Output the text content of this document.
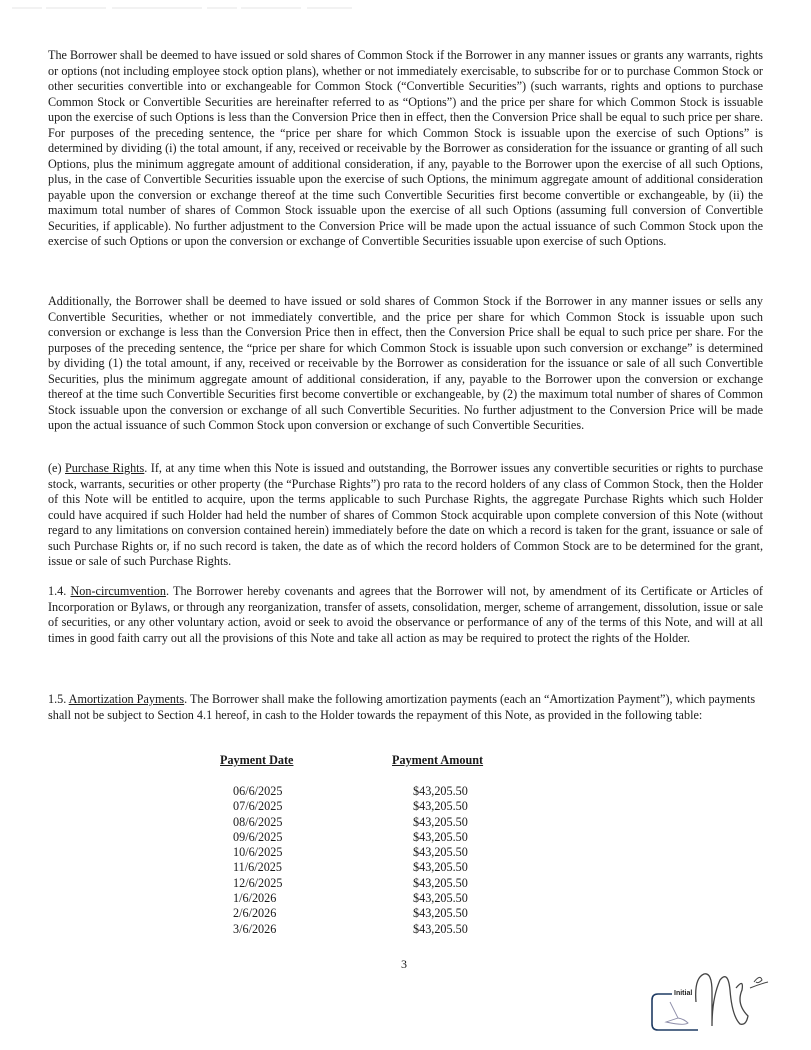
The Borrower shall be deemed to have issued or sold shares of Common Stock if the Borrower in any manner issues or grants any warrants, rights or options (not including employee stock option plans), whether or not immediately exercisable, to subscribe for or to purchase Common Stock or other securities convertible into or exchangeable for Common Stock (“Convertible Securities”) (such warrants, rights and options to purchase Common Stock or Convertible Securities are hereinafter referred to as “Options”) and the price per share for which Common Stock is issuable upon the exercise of such Options is less than the Conversion Price then in effect, then the Conversion Price shall be equal to such price per share. For purposes of the preceding sentence, the “price per share for which Common Stock is issuable upon the exercise of such Options” is determined by dividing (i) the total amount, if any, received or receivable by the Borrower as consideration for the issuance or granting of all such Options, plus the minimum aggregate amount of additional consideration, if any, payable to the Borrower upon the exercise of all such Options, plus, in the case of Convertible Securities issuable upon the exercise of such Options, the minimum aggregate amount of additional consideration payable upon the conversion or exchange thereof at the time such Convertible Securities first become convertible or exchangeable, by (ii) the maximum total number of shares of Common Stock issuable upon the exercise of all such Options (assuming full conversion of Convertible Securities, if applicable). No further adjustment to the Conversion Price will be made upon the actual issuance of such Common Stock upon the exercise of such Options or upon the conversion or exchange of Convertible Securities issuable upon exercise of such Options.

Additionally, the Borrower shall be deemed to have issued or sold shares of Common Stock if the Borrower in any manner issues or sells any Convertible Securities, whether or not immediately convertible, and the price per share for which Common Stock is issuable upon such conversion or exchange is less than the Conversion Price then in effect, then the Conversion Price shall be equal to such price per share. For the purposes of the preceding sentence, the “price per share for which Common Stock is issuable upon such conversion or exchange” is determined by dividing (1) the total amount, if any, received or receivable by the Borrower as consideration for the issuance or sale of all such Convertible Securities, plus the minimum aggregate amount of additional consideration, if any, payable to the Borrower upon the conversion or exchange thereof at the time such Convertible Securities first become convertible or exchangeable, by (2) the maximum total number of shares of Common Stock issuable upon the conversion or exchange of all such Convertible Securities. No further adjustment to the Conversion Price will be made upon the actual issuance of such Common Stock upon conversion or exchange of such Convertible Securities.

(e) Purchase Rights. If, at any time when this Note is issued and outstanding, the Borrower issues any convertible securities or rights to purchase stock, warrants, securities or other property (the “Purchase Rights”) pro rata to the record holders of any class of Common Stock, then the Holder of this Note will be entitled to acquire, upon the terms applicable to such Purchase Rights, the aggregate Purchase Rights which such Holder could have acquired if such Holder had held the number of shares of Common Stock acquirable upon complete conversion of this Note (without regard to any limitations on conversion contained herein) immediately before the date on which a record is taken for the grant, issuance or sale of such Purchase Rights or, if no such record is taken, the date as of which the record holders of Common Stock are to be determined for the grant, issue or sale of such Purchase Rights.

1.4. Non-circumvention. The Borrower hereby covenants and agrees that the Borrower will not, by amendment of its Certificate or Articles of Incorporation or Bylaws, or through any reorganization, transfer of assets, consolidation, merger, scheme of arrangement, dissolution, issue or sale of securities, or any other voluntary action, avoid or seek to avoid the observance or performance of any of the terms of this Note, and will at all times in good faith carry out all the provisions of this Note and take all action as may be required to protect the rights of the Holder.

1.5. Amortization Payments. The Borrower shall make the following amortization payments (each an “Amortization Payment”), which payments shall not be subject to Section 4.1 hereof, in cash to the Holder towards the repayment of this Note, as provided in the following table:

Payment Date	Payment Amount
06/6/2025	$43,205.50
07/6/2025	$43,205.50
08/6/2025	$43,205.50
09/6/2025	$43,205.50
10/6/2025	$43,205.50
11/6/2025	$43,205.50
12/6/2025	$43,205.50
1/6/2026	$43,205.50
2/6/2026	$43,205.50
3/6/2026	$43,205.50
3
Initial
